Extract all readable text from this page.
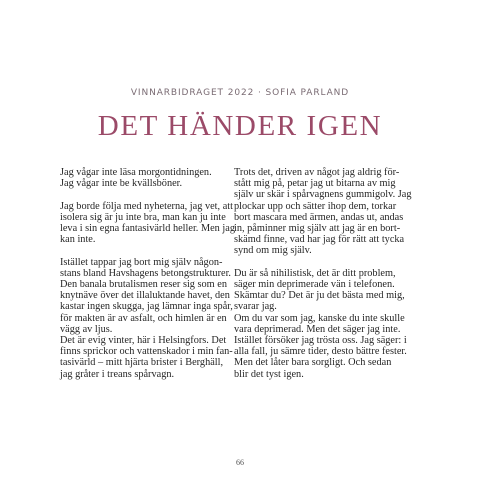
VINNARBIDRAGET 2022 · SOFIA PARLAND
DET HÄNDER IGEN
Jag vågar inte läsa morgontidningen.
Jag vågar inte be kvällsböner.
Jag borde följa med nyheterna, jag vet, att
isolera sig är ju inte bra, man kan ju inte
leva i sin egna fantasivärld heller. Men jag
kan inte.
Istället tappar jag bort mig själv någon-
stans bland Havshagens betongstrukturer.
Den banala brutalismen reser sig som en
knytnäve över det illaluktande havet, den
kastar ingen skugga, jag lämnar inga spår,
för makten är av asfalt, och himlen är en
vägg av ljus.
Det är evig vinter, här i Helsingfors. Det
finns sprickor och vattenskador i min fan-
tasivärld – mitt hjärta brister i Berghäll,
jag gråter i treans spårvagn.
Trots det, driven av något jag aldrig för-
stått mig på, petar jag ut bitarna av mig
själv ur skär i spårvagnens gummigolv. Jag
plockar upp och sätter ihop dem, torkar
bort mascara med ärmen, andas ut, andas
in, påminner mig själv att jag är en bort-
skämd finne, vad har jag för rätt att tycka
synd om mig själv.
Du är så nihilistisk, det är ditt problem,
säger min deprimerade vän i telefonen.
Skämtar du? Det är ju det bästa med mig,
svarar jag.
Om du var som jag, kanske du inte skulle
vara deprimerad. Men det säger jag inte.
Istället försöker jag trösta oss. Jag säger: i
alla fall, ju sämre tider, desto bättre fester.
Men det låter bara sorgligt. Och sedan
blir det tyst igen.
66
